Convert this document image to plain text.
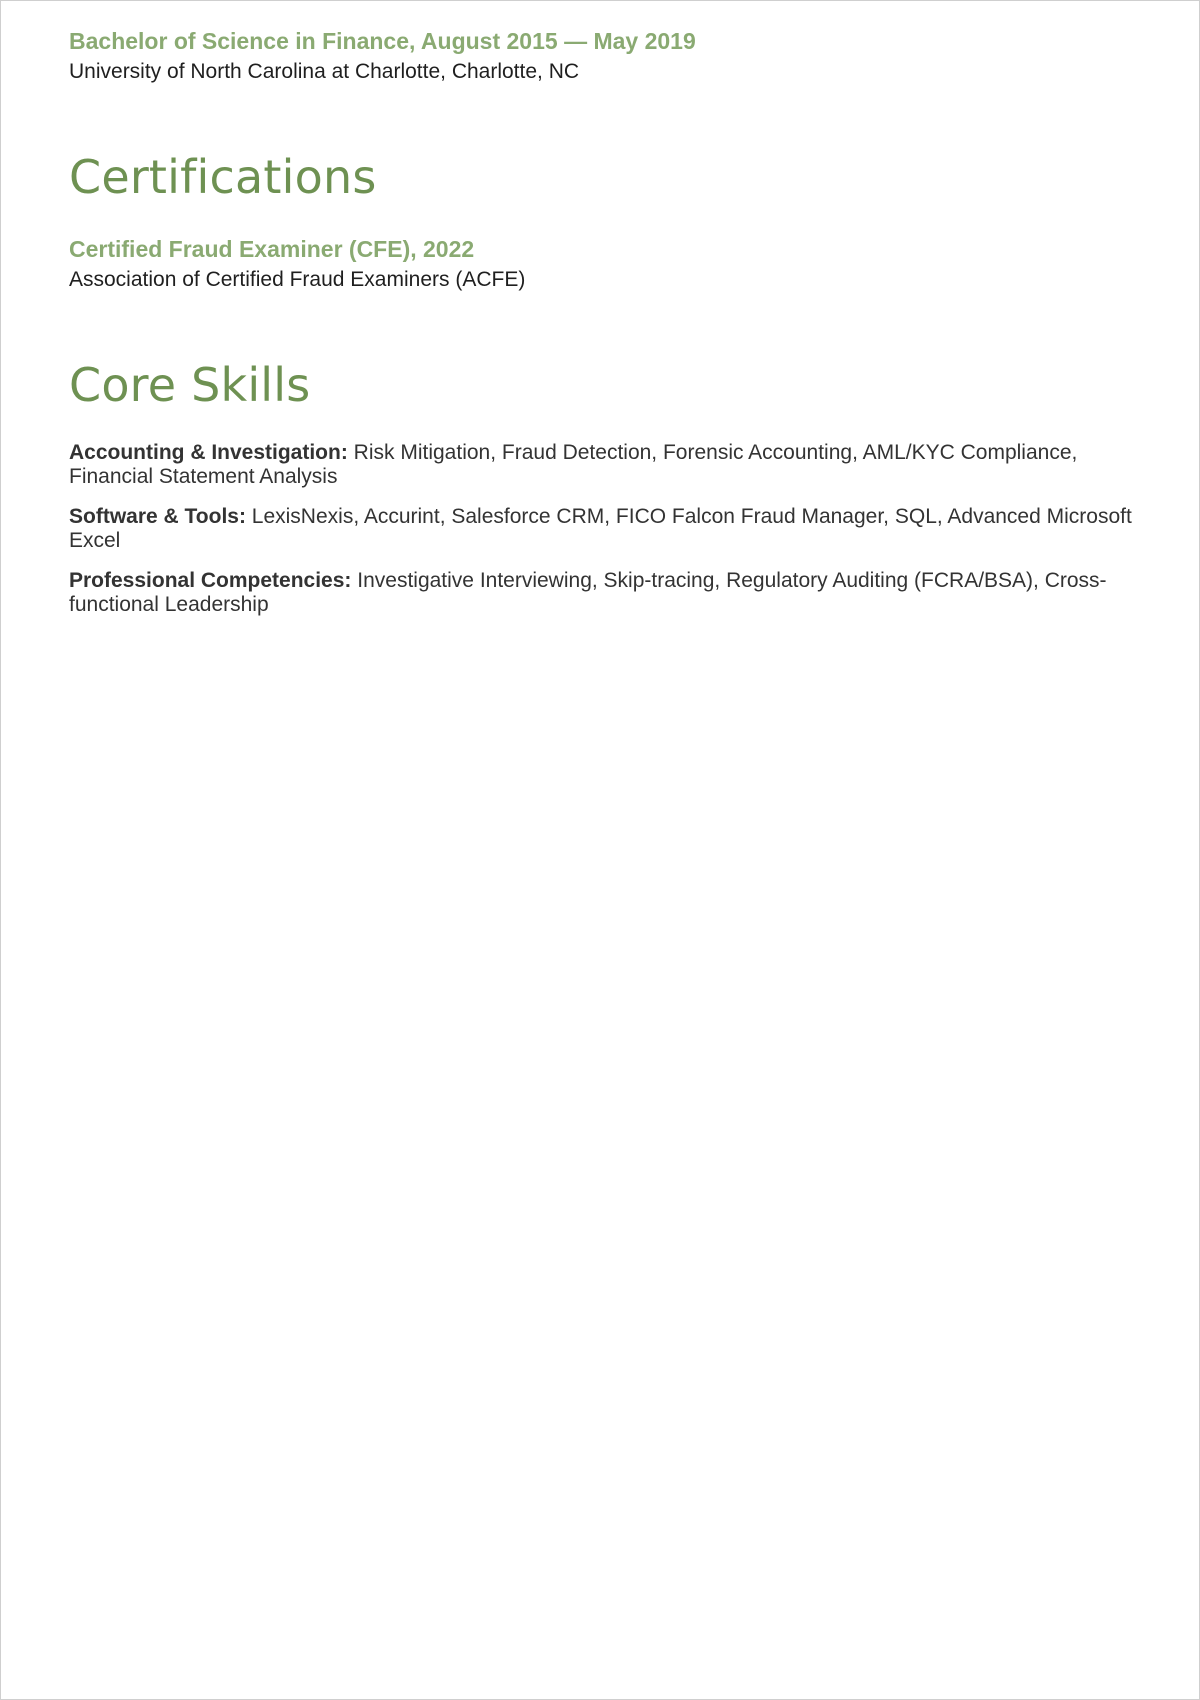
Bachelor of Science in Finance, August 2015 — May 2019

University of North Carolina at Charlotte, Charlotte, NC

Certifications

Certified Fraud Examiner (CFE), 2022

Association of Certified Fraud Examiners (ACFE)

Core Skills

Accounting & Investigation: Risk Mitigation, Fraud Detection, Forensic Accounting, AML/KYC Compliance, Financial Statement Analysis

Software & Tools: LexisNexis, Accurint, Salesforce CRM, FICO Falcon Fraud Manager, SQL, Advanced Microsoft Excel

Professional Competencies: Investigative Interviewing, Skip-tracing, Regulatory Auditing (FCRA/BSA), Cross-functional Leadership
